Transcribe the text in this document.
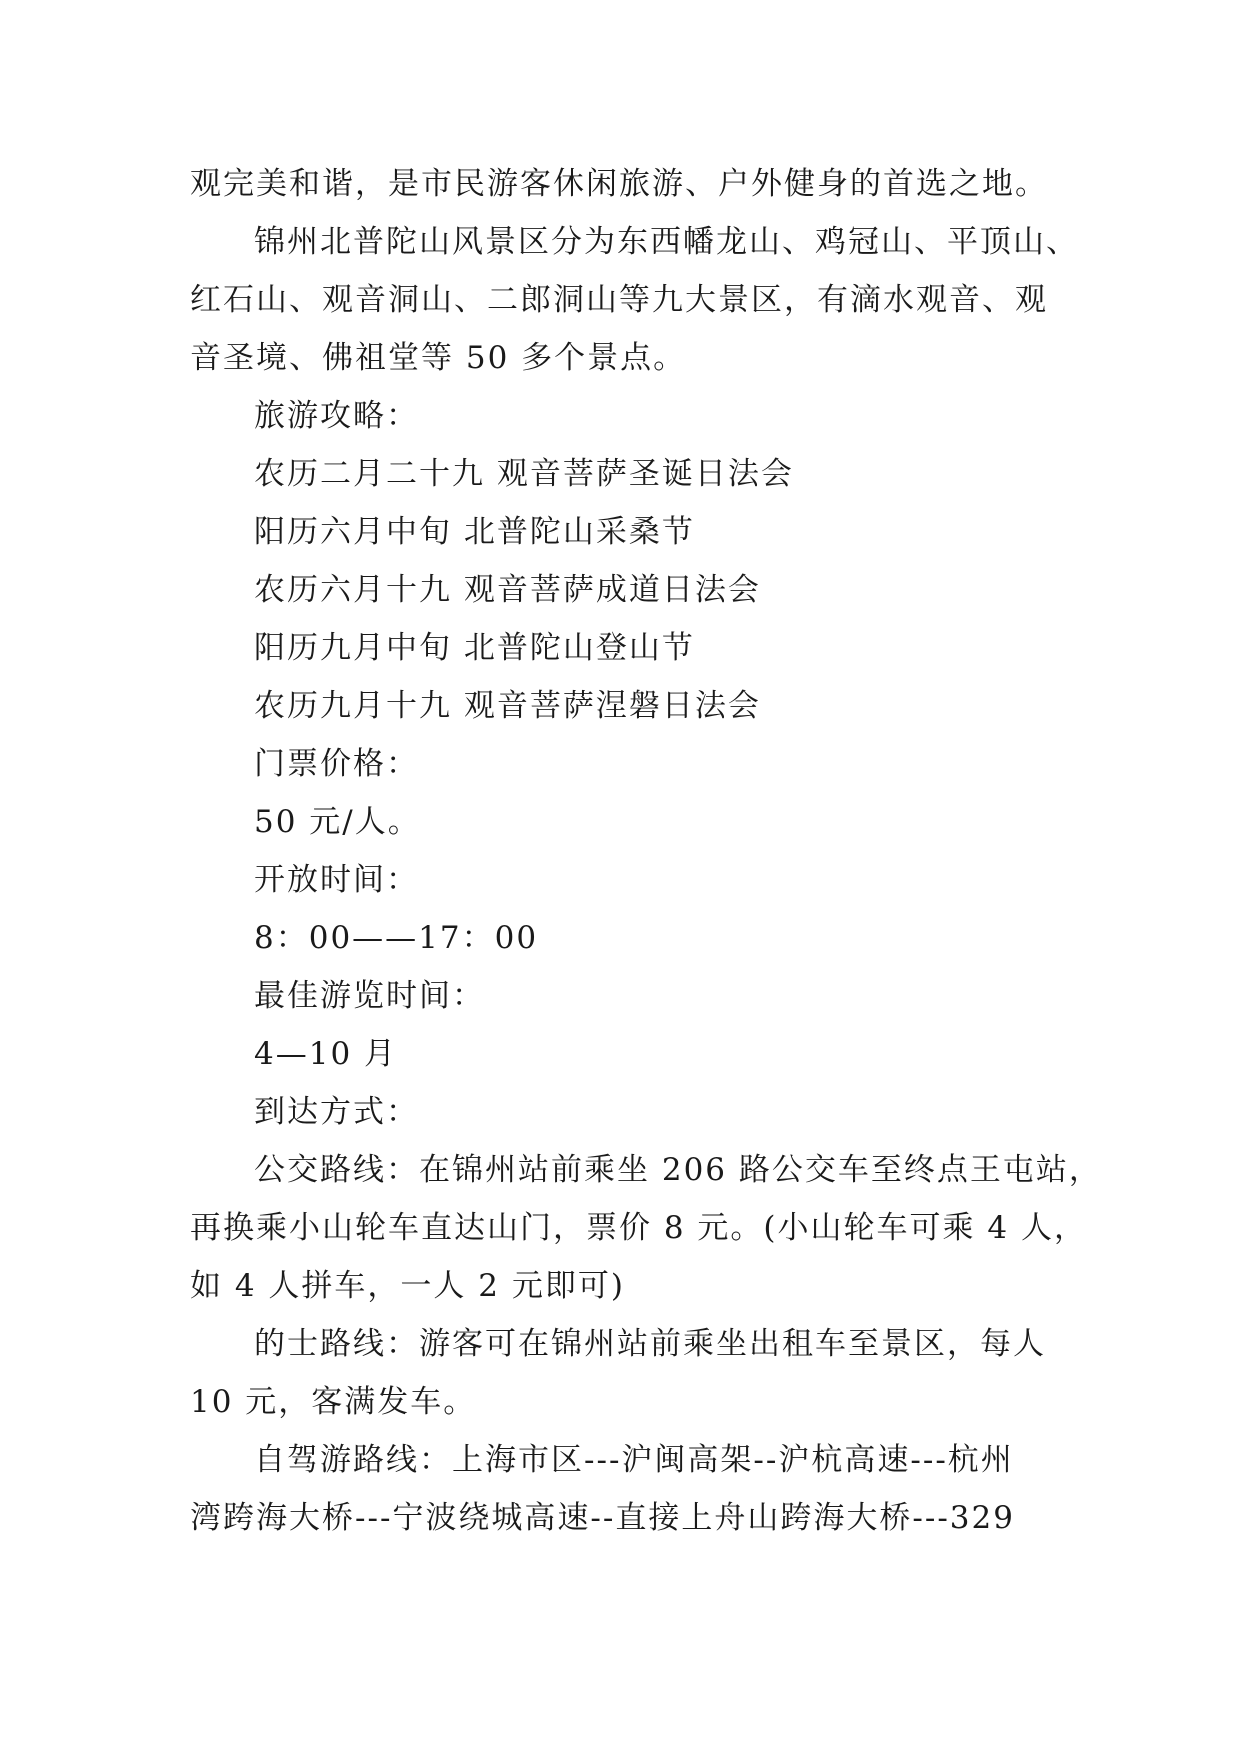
观完美和谐，是市民游客休闲旅游、户外健身的首选之地。
锦州北普陀山风景区分为东西幡龙山、鸡冠山、平顶山、
红石山、观音洞山、二郎洞山等九大景区，有滴水观音、观
音圣境、佛祖堂等 50 多个景点。
旅游攻略：
农历二月二十九 观音菩萨圣诞日法会
阳历六月中旬 北普陀山采桑节
农历六月十九 观音菩萨成道日法会
阳历九月中旬 北普陀山登山节
农历九月十九 观音菩萨涅磐日法会
门票价格：
50 元/人。
开放时间：
8：00——17：00
最佳游览时间：
4—10 月
到达方式：
公交路线：在锦州站前乘坐 206 路公交车至终点王屯站，
再换乘小山轮车直达山门，票价 8 元。(小山轮车可乘 4 人，
如 4 人拼车，一人 2 元即可)
的士路线：游客可在锦州站前乘坐出租车至景区，每人
10 元，客满发车。
自驾游路线：上海市区---沪闽高架--沪杭高速---杭州
湾跨海大桥---宁波绕城高速--直接上舟山跨海大桥---329
